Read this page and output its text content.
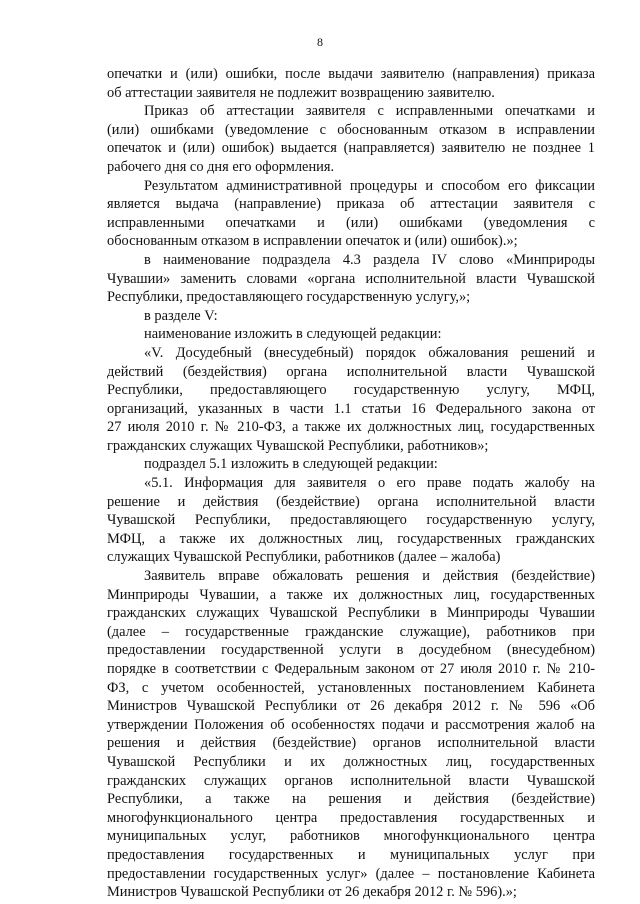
8
опечатки и (или) ошибки, после выдачи заявителю (направления) приказа
об аттестации заявителя не подлежит возвращению заявителю.
Приказ об аттестации заявителя с исправленными опечатками и
(или) ошибками (уведомление с обоснованным отказом в исправлении
опечаток и (или) ошибок) выдается (направляется) заявителю не позднее 1
рабочего дня со дня его оформления.
Результатом административной процедуры и способом его фиксации
является выдача (направление) приказа об аттестации заявителя с
исправленными опечатками и (или) ошибками (уведомления с
обоснованным отказом в исправлении опечаток и (или) ошибок).»;
в наименование подраздела 4.3 раздела IV слово «Минприроды
Чувашии» заменить словами «органа исполнительной власти Чувашской
Республики, предоставляющего государственную услугу,»;
в разделе V:
наименование изложить в следующей редакции:
«V. Досудебный (внесудебный) порядок обжалования решений и
действий (бездействия) органа исполнительной власти Чувашской
Республики, предоставляющего государственную услугу, МФЦ,
организаций, указанных в части 1.1 статьи 16 Федерального закона от
27 июля 2010 г. № 210-ФЗ, а также их должностных лиц, государственных
гражданских служащих Чувашской Республики, работников»;
подраздел 5.1 изложить в следующей редакции:
«5.1. Информация для заявителя о его праве подать жалобу на
решение и действия (бездействие) органа исполнительной власти
Чувашской Республики, предоставляющего государственную услугу,
МФЦ, а также их должностных лиц, государственных гражданских
служащих Чувашской Республики, работников (далее – жалоба)
Заявитель вправе обжаловать решения и действия (бездействие)
Минприроды Чувашии, а также их должностных лиц, государственных
гражданских служащих Чувашской Республики в Минприроды Чувашии
(далее – государственные гражданские служащие), работников при
предоставлении государственной услуги в досудебном (внесудебном)
порядке в соответствии с Федеральным законом от 27 июля 2010 г. № 210-
ФЗ, с учетом особенностей, установленных постановлением Кабинета
Министров Чувашской Республики от 26 декабря 2012 г. № 596 «Об
утверждении Положения об особенностях подачи и рассмотрения жалоб на
решения и действия (бездействие) органов исполнительной власти
Чувашской Республики и их должностных лиц, государственных
гражданских служащих органов исполнительной власти Чувашской
Республики, а также на решения и действия (бездействие)
многофункционального центра предоставления государственных и
муниципальных услуг, работников многофункционального центра
предоставления государственных и муниципальных услуг при
предоставлении государственных услуг» (далее – постановление Кабинета
Министров Чувашской Республики от 26 декабря 2012 г. № 596).»;
